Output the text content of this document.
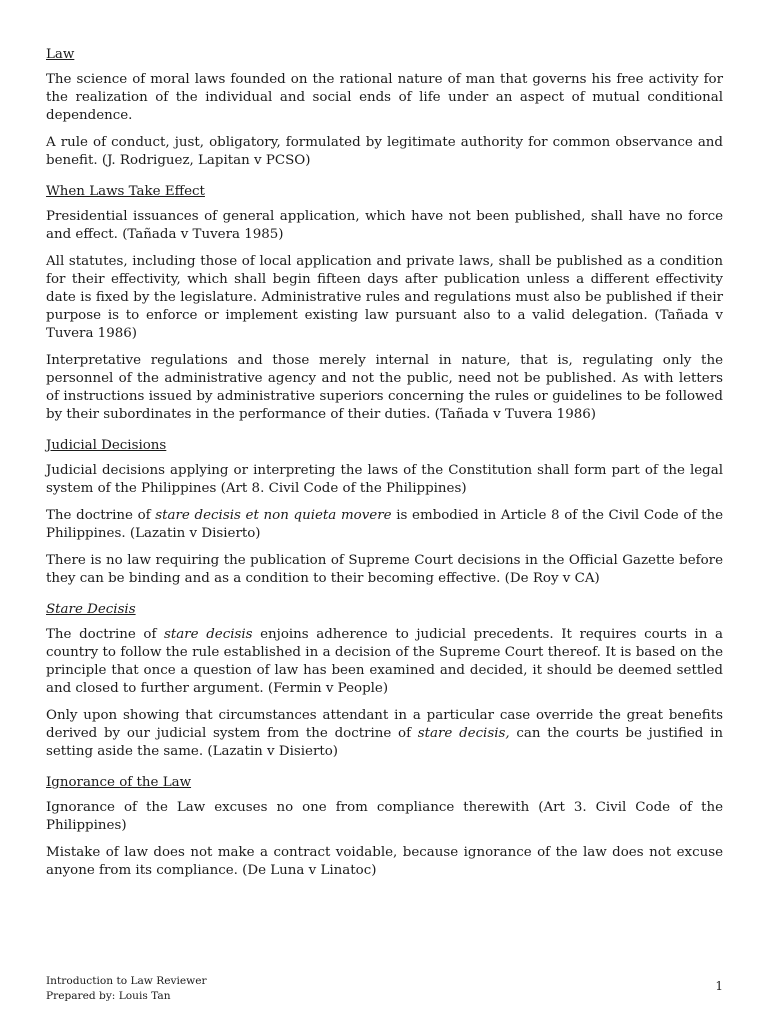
Law

The science of moral laws founded on the rational nature of man that governs his free activity for the realization of the individual and social ends of life under an aspect of mutual conditional dependence.

A rule of conduct, just, obligatory, formulated by legitimate authority for common observance and benefit. (J. Rodriguez, Lapitan v PCSO)

When Laws Take Effect

Presidential issuances of general application, which have not been published, shall have no force and effect. (Tañada v Tuvera 1985)

All statutes, including those of local application and private laws, shall be published as a condition for their effectivity, which shall begin fifteen days after publication unless a different effectivity date is fixed by the legislature. Administrative rules and regulations must also be published if their purpose is to enforce or implement existing law pursuant also to a valid delegation. (Tañada v Tuvera 1986)

Interpretative regulations and those merely internal in nature, that is, regulating only the personnel of the administrative agency and not the public, need not be published. As with letters of instructions issued by administrative superiors concerning the rules or guidelines to be followed by their subordinates in the performance of their duties. (Tañada v Tuvera 1986)

Judicial Decisions

Judicial decisions applying or interpreting the laws of the Constitution shall form part of the legal system of the Philippines (Art 8. Civil Code of the Philippines)

The doctrine of stare decisis et non quieta movere is embodied in Article 8 of the Civil Code of the Philippines. (Lazatin v Disierto)

There is no law requiring the publication of Supreme Court decisions in the Official Gazette before they can be binding and as a condition to their becoming effective. (De Roy v CA)

Stare Decisis

The doctrine of stare decisis enjoins adherence to judicial precedents. It requires courts in a country to follow the rule established in a decision of the Supreme Court thereof. It is based on the principle that once a question of law has been examined and decided, it should be deemed settled and closed to further argument. (Fermin v People)

Only upon showing that circumstances attendant in a particular case override the great benefits derived by our judicial system from the doctrine of stare decisis, can the courts be justified in setting aside the same. (Lazatin v Disierto)

Ignorance of the Law

Ignorance of the Law excuses no one from compliance therewith (Art 3. Civil Code of the Philippines)

Mistake of law does not make a contract voidable, because ignorance of the law does not excuse anyone from its compliance. (De Luna v Linatoc)

Introduction to Law Reviewer
Prepared by: Louis Tan
1
